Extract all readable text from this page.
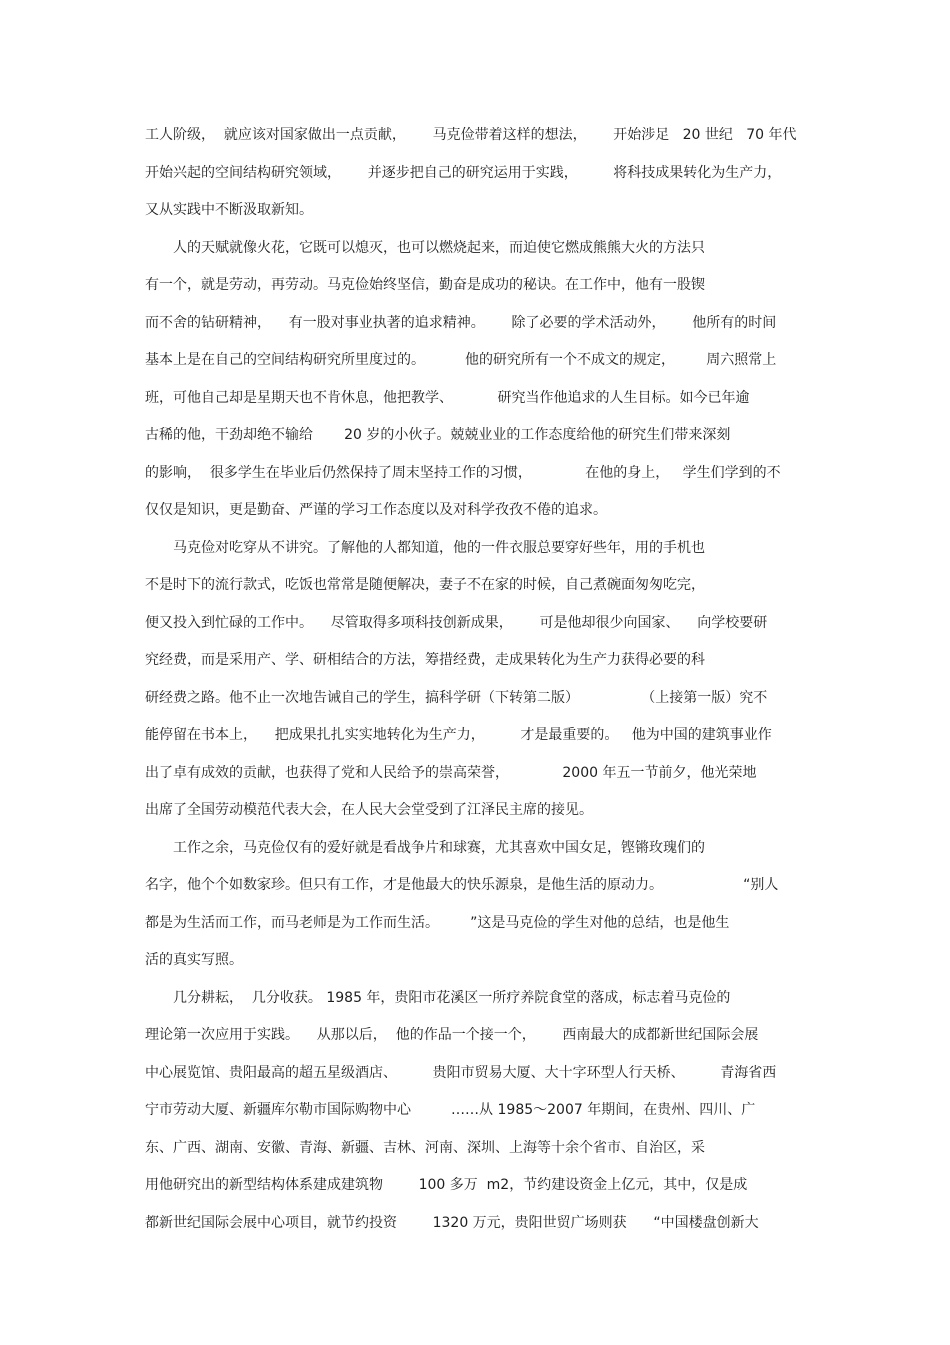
工人阶级，  就应该对国家做出一点贡献，      马克俭带着这样的想法，      开始涉足   20 世纪   70 年代
开始兴起的空间结构研究领域，      并逐步把自己的研究运用于实践，        将科技成果转化为生产力，
又从实践中不断汲取新知。
人的天赋就像火花，它既可以熄灭，也可以燃烧起来，而迫使它燃成熊熊大火的方法只
有一个，就是劳动，再劳动。马克俭始终坚信，勤奋是成功的秘诀。在工作中，他有一股锲
而不舍的钻研精神，    有一股对事业执著的追求精神。      除了必要的学术活动外，      他所有的时间
基本上是在自己的空间结构研究所里度过的。         他的研究所有一个不成文的规定，       周六照常上
班，可他自己却是星期天也不肯休息，他把教学、          研究当作他追求的人生目标。如今已年逾
古稀的他，干劲却绝不输给       20 岁的小伙子。兢兢业业的工作态度给他的研究生们带来深刻
的影响，  很多学生在毕业后仍然保持了周末坚持工作的习惯，            在他的身上，   学生们学到的不
仅仅是知识，更是勤奋、严谨的学习工作态度以及对科学孜孜不倦的追求。
马克俭对吃穿从不讲究。了解他的人都知道，他的一件衣服总要穿好些年，用的手机也
不是时下的流行款式，吃饭也常常是随便解决，妻子不在家的时候，自己煮碗面匆匆吃完，
便又投入到忙碌的工作中。    尽管取得多项科技创新成果，      可是他却很少向国家、    向学校要研
究经费，而是采用产、学、研相结合的方法，筹措经费，走成果转化为生产力获得必要的科
研经费之路。他不止一次地告诫自己的学生，搞科学研（下转第二版）              （上接第一版）究不
能停留在书本上，    把成果扎扎实实地转化为生产力，        才是最重要的。   他为中国的建筑事业作
出了卓有成效的贡献，也获得了党和人民给予的崇高荣誉，            2000 年五一节前夕，他光荣地
出席了全国劳动模范代表大会，在人民大会堂受到了江泽民主席的接见。
工作之余，马克俭仅有的爱好就是看战争片和球赛，尤其喜欢中国女足，铿锵玫瑰们的
名字，他个个如数家珍。但只有工作，才是他最大的快乐源泉，是他生活的原动力。                  “别人
都是为生活而工作，而马老师是为工作而生活。       ”这是马克俭的学生对他的总结，也是他生
活的真实写照。
几分耕耘，  几分收获。 1985 年，贵阳市花溪区一所疗养院食堂的落成，标志着马克俭的
理论第一次应用于实践。    从那以后，  他的作品一个接一个，      西南最大的成都新世纪国际会展
中心展览馆、贵阳最高的超五星级酒店、        贵阳市贸易大厦、大十字环型人行天桥、        青海省西
宁市劳动大厦、新疆库尔勒市国际购物中心         ……从 1985～2007 年期间，在贵州、四川、广
东、广西、湖南、安徽、青海、新疆、吉林、河南、深圳、上海等十余个省市、自治区，采
用他研究出的新型结构体系建成建筑物        100 多万  m2，节约建设资金上亿元，其中，仅是成
都新世纪国际会展中心项目，就节约投资        1320 万元，贵阳世贸广场则获      “中国楼盘创新大
